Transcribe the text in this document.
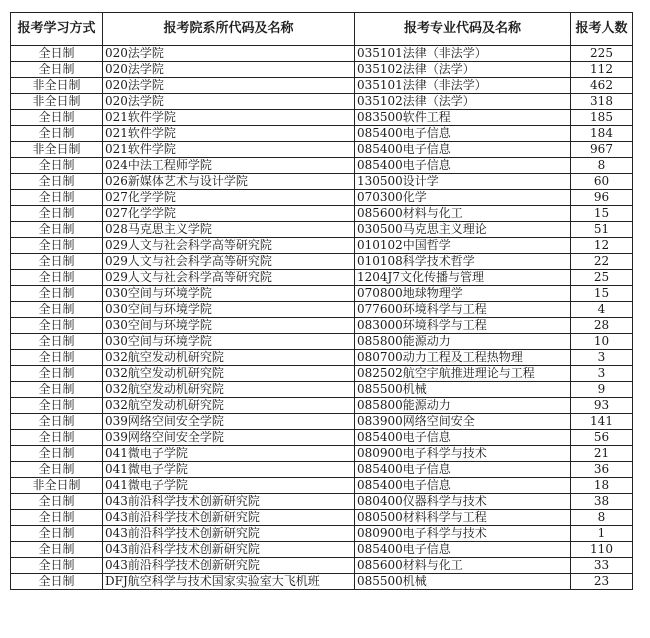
报考学习方式	报考院系所代码及名称	报考专业代码及名称	报考人数
全日制	020法学院	035101法律（非法学）	225
全日制	020法学院	035102法律（法学）	112
非全日制	020法学院	035101法律（非法学）	462
非全日制	020法学院	035102法律（法学）	318
全日制	021软件学院	083500软件工程	185
全日制	021软件学院	085400电子信息	184
非全日制	021软件学院	085400电子信息	967
全日制	024中法工程师学院	085400电子信息	8
全日制	026新媒体艺术与设计学院	130500设计学	60
全日制	027化学学院	070300化学	96
全日制	027化学学院	085600材料与化工	15
全日制	028马克思主义学院	030500马克思主义理论	51
全日制	029人文与社会科学高等研究院	010102中国哲学	12
全日制	029人文与社会科学高等研究院	010108科学技术哲学	22
全日制	029人文与社会科学高等研究院	1204J7文化传播与管理	25
全日制	030空间与环境学院	070800地球物理学	15
全日制	030空间与环境学院	077600环境科学与工程	4
全日制	030空间与环境学院	083000环境科学与工程	28
全日制	030空间与环境学院	085800能源动力	10
全日制	032航空发动机研究院	080700动力工程及工程热物理	3
全日制	032航空发动机研究院	082502航空宇航推进理论与工程	3
全日制	032航空发动机研究院	085500机械	9
全日制	032航空发动机研究院	085800能源动力	93
全日制	039网络空间安全学院	083900网络空间安全	141
全日制	039网络空间安全学院	085400电子信息	56
全日制	041微电子学院	080900电子科学与技术	21
全日制	041微电子学院	085400电子信息	36
非全日制	041微电子学院	085400电子信息	18
全日制	043前沿科学技术创新研究院	080400仪器科学与技术	38
全日制	043前沿科学技术创新研究院	080500材料科学与工程	8
全日制	043前沿科学技术创新研究院	080900电子科学与技术	1
全日制	043前沿科学技术创新研究院	085400电子信息	110
全日制	043前沿科学技术创新研究院	085600材料与化工	33
全日制	DFJ航空科学与技术国家实验室大飞机班	085500机械	23
